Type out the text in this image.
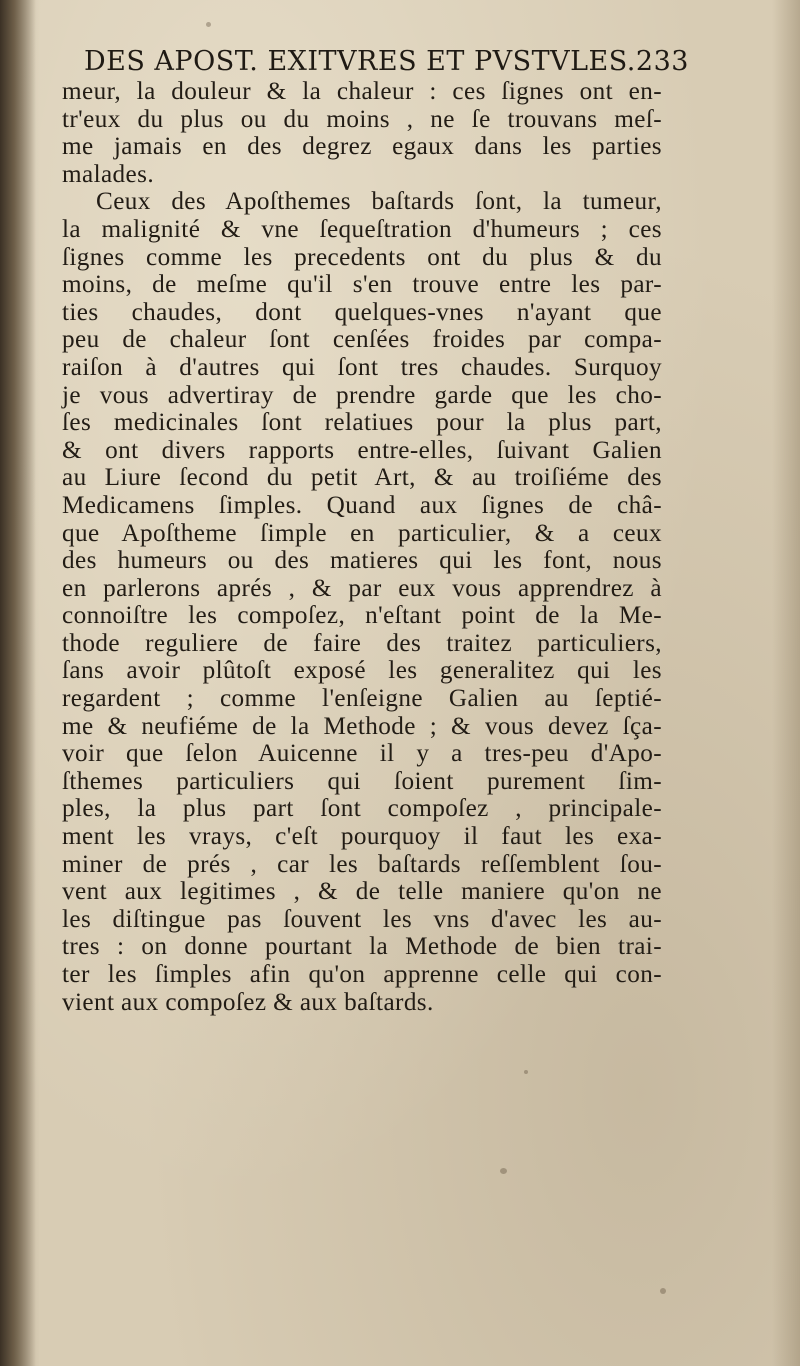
DES APOST. EXITVRES ET PVSTVLES. 233
meur, la douleur & la chaleur : ces ſignes ont en-
tr'eux du plus ou du moins , ne ſe trouvans meſ-
me jamais en des degrez egaux dans les parties
malades.
Ceux des Apoſthemes baſtards ſont, la tumeur,
la malignité & vne ſequeſtration d'humeurs ; ces
ſignes comme les precedents ont du plus & du
moins, de meſme qu'il s'en trouve entre les par-
ties chaudes, dont quelques-vnes n'ayant que
peu de chaleur ſont cenſées froides par compa-
raiſon à d'autres qui ſont tres chaudes. Surquoy
je vous advertiray de prendre garde que les cho-
ſes medicinales ſont relatiues pour la plus part,
& ont divers rapports entre-elles, ſuivant Galien
au Liure ſecond du petit Art, & au troiſiéme des
Medicamens ſimples. Quand aux ſignes de châ-
que Apoſtheme ſimple en particulier, & a ceux
des humeurs ou des matieres qui les font, nous
en parlerons aprés , & par eux vous apprendrez à
connoiſtre les compoſez, n'eſtant point de la Me-
thode reguliere de faire des traitez particuliers,
ſans avoir plûtoſt exposé les generalitez qui les
regardent ; comme l'enſeigne Galien au ſeptié-
me & neufiéme de la Methode ; & vous devez ſça-
voir que ſelon Auicenne il y a tres-peu d'Apo-
ſthemes particuliers qui ſoient purement ſim-
ples, la plus part ſont compoſez , principale-
ment les vrays, c'eſt pourquoy il faut les exa-
miner de prés , car les baſtards reſſemblent ſou-
vent aux legitimes , & de telle maniere qu'on ne
les diſtingue pas ſouvent les vns d'avec les au-
tres : on donne pourtant la Methode de bien trai-
ter les ſimples afin qu'on apprenne celle qui con-
vient aux compoſez & aux baſtards.
